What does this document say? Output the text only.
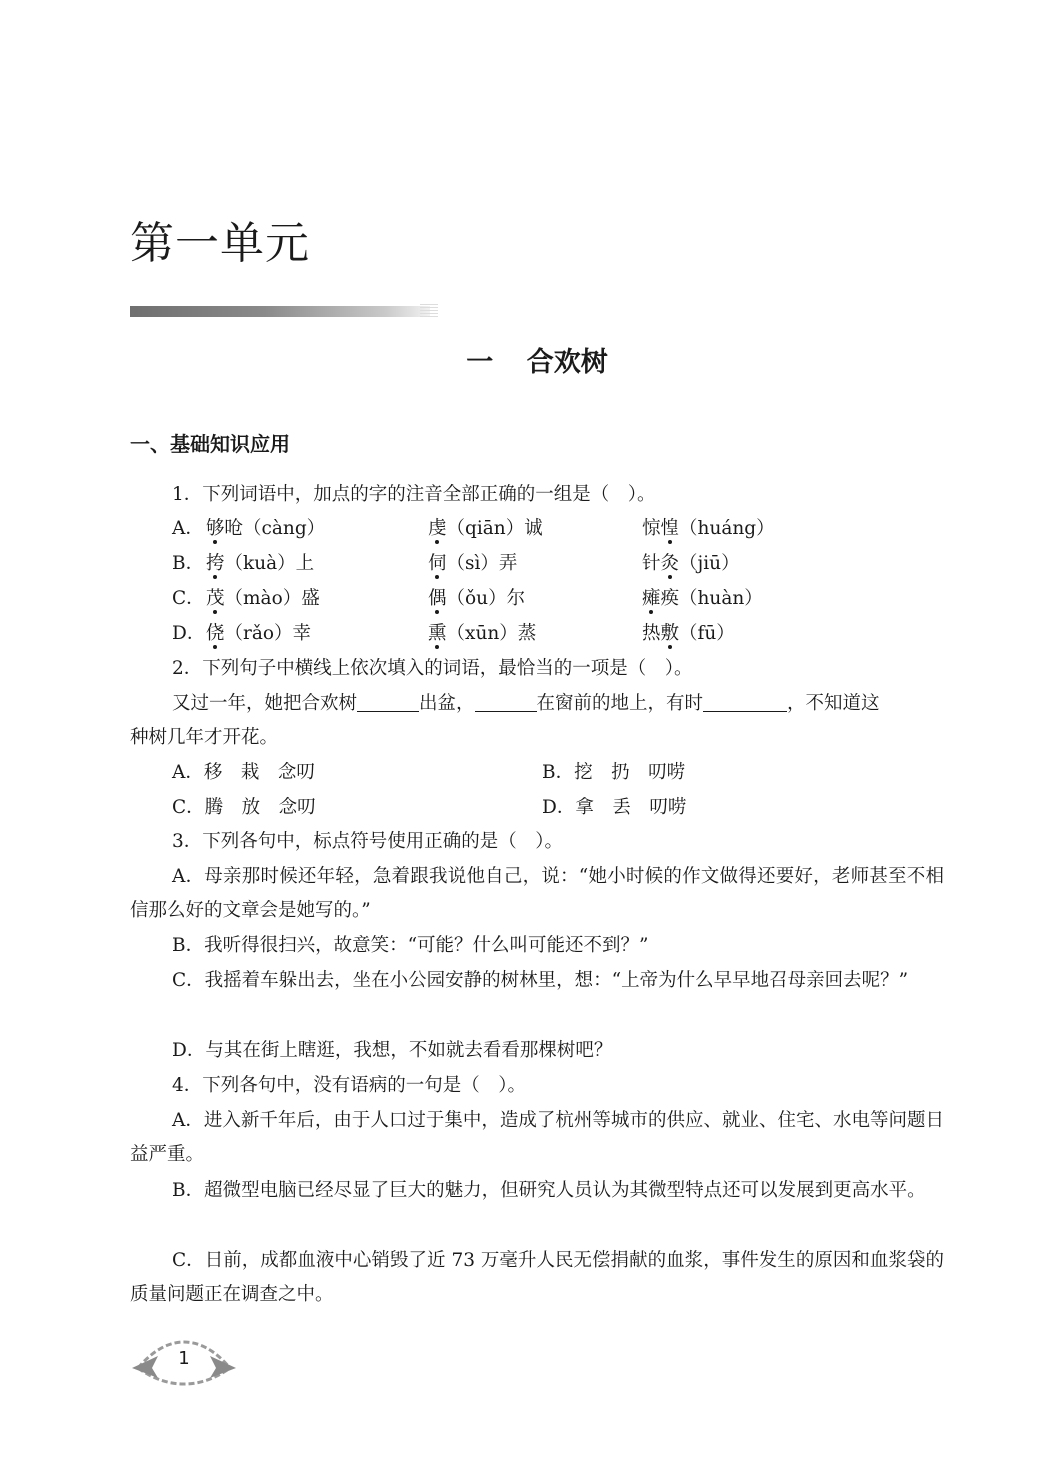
第一单元
一 合欢树
一、基础知识应用
1．下列词语中，加点的字的注音全部正确的一组是（　）。
A． 够呛（càng）	虔（qiān）诚	惊惶（huáng）
B． 挎（kuà）上	伺（sì）弄	针灸（jiū）
C． 茂（mào）盛	偶（ǒu）尔	瘫痪（huàn）
D． 侥（rǎo）幸	熏（xūn）蒸	热敷（fū）
2．下列句子中横线上依次填入的词语，最恰当的一项是（　）。
又过一年，她把合欢树	出盆，	在窗前的地上，有时	，不知道这
种树几年才开花。
A．移　栽　念叨	B．挖　扔　叨唠
C．腾　放　念叨	D．拿　丢　叨唠
3．下列各句中，标点符号使用正确的是（　）。
A．母亲那时候还年轻，急着跟我说他自己，说：“她小时候的作文做得还要好，老师甚至不相信那么好的文章会是她写的。”
B．我听得很扫兴，故意笑：“可能？什么叫可能还不到？”
C．我摇着车躲出去，坐在小公园安静的树林里，想：“上帝为什么早早地召母亲回去呢？”
D．与其在街上瞎逛，我想，不如就去看看那棵树吧？
4．下列各句中，没有语病的一句是（　）。
A．进入新千年后，由于人口过于集中，造成了杭州等城市的供应、就业、住宅、水电等问题日益严重。
B．超微型电脑已经尽显了巨大的魅力，但研究人员认为其微型特点还可以发展到更高水平。
C．日前，成都血液中心销毁了近 73 万毫升人民无偿捐献的血浆，事件发生的原因和血浆袋的质量问题正在调查之中。
1
